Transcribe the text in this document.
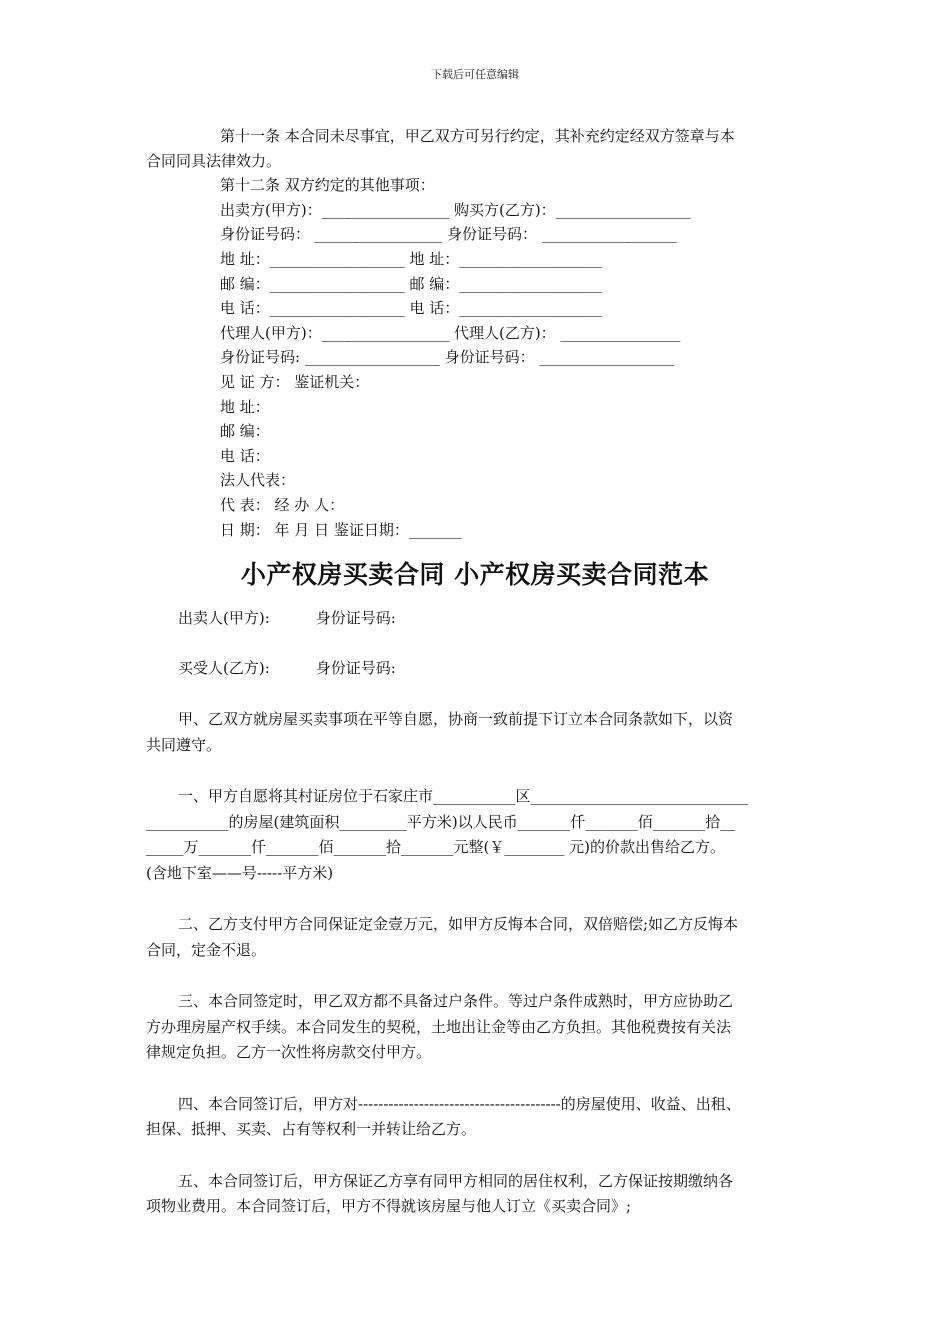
下载后可任意编辑

第十一条 本合同未尽事宜，甲乙双方可另行约定，其补充约定经双方签章与本

合同同具法律效力。

第十二条 双方约定的其他事项：

出卖方(甲方)：_________________ 购买方(乙方)：__________________

身份证号码： _________________ 身份证号码： __________________

地 址：__________________ 地 址：___________________

邮 编：__________________ 邮 编：___________________

电 话：__________________ 电 话：___________________

代理人(甲方)：_________________ 代理人(乙方)： ________________

身份证号码: __________________ 身份证号码： __________________

见 证 方： 鉴证机关：

地 址：

邮 编：

电 话：

法人代表：

代 表： 经 办 人：

日 期： 年 月 日 鉴证日期：_______

小产权房买卖合同 小产权房买卖合同范本

出卖人(甲方):	身份证号码:

买受人(乙方):	身份证号码:

甲、乙双方就房屋买卖事项在平等自愿，协商一致前提下订立本合同条款如下，以资

共同遵守。

一、甲方自愿将其村证房位于石家庄市___________区_____________________________

___________的房屋(建筑面积_________平方米)以人民币_______仟_______佰_______拾__

_____万_______仟_______佰_______拾_______元整(￥________ 元)的价款出售给乙方。

(含地下室——号-----平方米)

二、乙方支付甲方合同保证定金壹万元，如甲方反悔本合同，双倍赔偿;如乙方反悔本

合同，定金不退。

三、本合同签定时，甲乙双方都不具备过户条件。等过户条件成熟时，甲方应协助乙

方办理房屋产权手续。本合同发生的契税，土地出让金等由乙方负担。其他税费按有关法

律规定负担。乙方一次性将房款交付甲方。

四、本合同签订后，甲方对----------------------------------------的房屋使用、收益、出租、

担保、抵押、买卖、占有等权利一并转让给乙方。

五、本合同签订后，甲方保证乙方享有同甲方相同的居住权利，乙方保证按期缴纳各

项物业费用。本合同签订后，甲方不得就该房屋与他人订立《买卖合同》;
